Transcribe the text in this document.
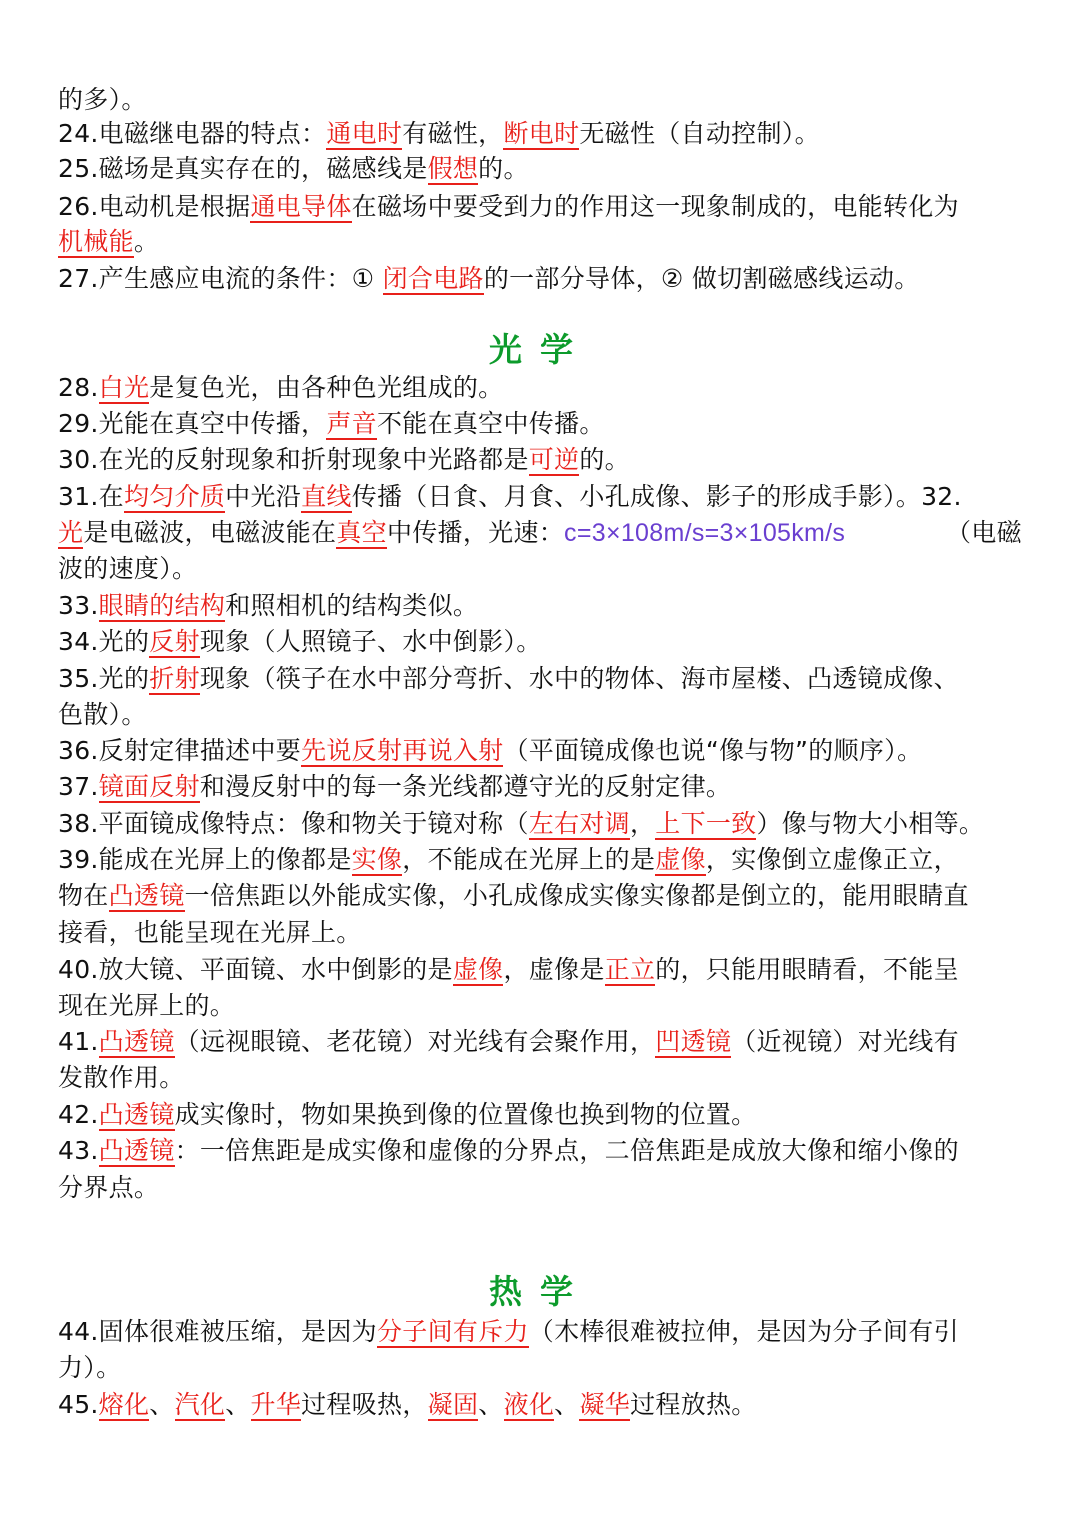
的多）。
24.电磁继电器的特点：通电时有磁性，断电时无磁性（自动控制）。
25.磁场是真实存在的，磁感线是假想的。
26.电动机是根据通电导体在磁场中要受到力的作用这一现象制成的，电能转化为
机械能。
27.产生感应电流的条件：① 闭合电路的一部分导体，② 做切割磁感线运动。
光学
28.白光是复色光，由各种色光组成的。
29.光能在真空中传播，声音不能在真空中传播。
30.在光的反射现象和折射现象中光路都是可逆的。
31.在均匀介质中光沿直线传播（日食、月食、小孔成像、影子的形成手影）。32.
光是电磁波，电磁波能在真空中传播，光速：c=3×108m/s=3×105km/s	（电磁
波的速度）。
33.眼睛的结构和照相机的结构类似。
34.光的反射现象（人照镜子、水中倒影）。
35.光的折射现象（筷子在水中部分弯折、水中的物体、海市屋楼、凸透镜成像、
色散）。
36.反射定律描述中要先说反射再说入射（平面镜成像也说“像与物”的顺序）。
37.镜面反射和漫反射中的每一条光线都遵守光的反射定律。
38.平面镜成像特点：像和物关于镜对称（左右对调，上下一致）像与物大小相等。
39.能成在光屏上的像都是实像，不能成在光屏上的是虚像，实像倒立虚像正立，
物在凸透镜一倍焦距以外能成实像，小孔成像成实像实像都是倒立的，能用眼睛直
接看，也能呈现在光屏上。
40.放大镜、平面镜、水中倒影的是虚像，虚像是正立的，只能用眼睛看，不能呈
现在光屏上的。
41.凸透镜（远视眼镜、老花镜）对光线有会聚作用，凹透镜（近视镜）对光线有
发散作用。
42.凸透镜成实像时，物如果换到像的位置像也换到物的位置。
43.凸透镜：一倍焦距是成实像和虚像的分界点，二倍焦距是成放大像和缩小像的
分界点。
热学
44.固体很难被压缩，是因为分子间有斥力（木棒很难被拉伸，是因为分子间有引
力）。
45.熔化、汽化、升华过程吸热，凝固、液化、凝华过程放热。
